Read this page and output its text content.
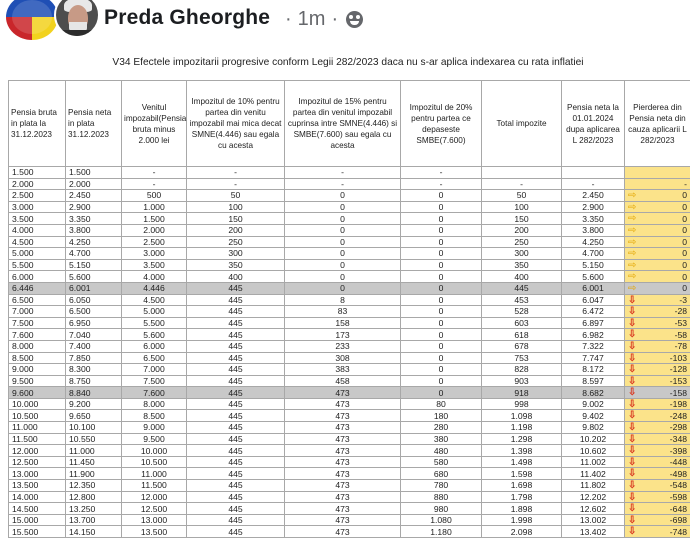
Preda Gheorghe · 1m ·
V34 Efectele impozitarii progresive conform Legii 282/2023 daca nu s-ar aplica indexarea cu rata inflatiei
Pensia bruta in plata la 31.12.2023	Pensia neta in plata 31.12.2023	Venitul impozabil(Pensia bruta minus 2.000 lei	Impozitul de 10% pentru partea din venitu impozabil mai mica decat SMNE(4.446) sau egala cu acesta	Impozitul de 15% pentru partea din venitul impozabil cuprinsa intre SMNE(4.446) si SMBE(7.600) sau egala cu acesta	Impozitul de 20% pentru partea ce depaseste SMBE(7.600)	Total impozite	Pensia neta la 01.01.2024 dupa aplicarea L 282/2023	Pierderea din Pensia neta din cauza aplicarii L 282/2023
1.500	1.500	-	-	-	-			
2.000	2.000	-	-	-	-	-	-	-
2.500	2.450	500	50	0	0	50	2.450	⇨ 0
3.000	2.900	1.000	100	0	0	100	2.900	⇨ 0
3.500	3.350	1.500	150	0	0	150	3.350	⇨ 0
4.000	3.800	2.000	200	0	0	200	3.800	⇨ 0
4.500	4.250	2.500	250	0	0	250	4.250	⇨ 0
5.000	4.700	3.000	300	0	0	300	4.700	⇨ 0
5.500	5.150	3.500	350	0	0	350	5.150	⇨ 0
6.000	5.600	4.000	400	0	0	400	5.600	⇨ 0
6.446	6.001	4.446	445	0	0	445	6.001	⇨ 0
6.500	6.050	4.500	445	8	0	453	6.047	⇩ -3
7.000	6.500	5.000	445	83	0	528	6.472	⇩ -28
7.500	6.950	5.500	445	158	0	603	6.897	⇩ -53
7.600	7.040	5.600	445	173	0	618	6.982	⇩ -58
8.000	7.400	6.000	445	233	0	678	7.322	⇩ -78
8.500	7.850	6.500	445	308	0	753	7.747	⇩ -103
9.000	8.300	7.000	445	383	0	828	8.172	⇩ -128
9.500	8.750	7.500	445	458	0	903	8.597	⇩ -153
9.600	8.840	7.600	445	473	0	918	8.682	⇩ -158
10.000	9.200	8.000	445	473	80	998	9.002	⇩ -198
10.500	9.650	8.500	445	473	180	1.098	9.402	⇩ -248
11.000	10.100	9.000	445	473	280	1.198	9.802	⇩ -298
11.500	10.550	9.500	445	473	380	1.298	10.202	⇩ -348
12.000	11.000	10.000	445	473	480	1.398	10.602	⇩ -398
12.500	11.450	10.500	445	473	580	1.498	11.002	⇩ -448
13.000	11.900	11.000	445	473	680	1.598	11.402	⇩ -498
13.500	12.350	11.500	445	473	780	1.698	11.802	⇩ -548
14.000	12.800	12.000	445	473	880	1.798	12.202	⇩ -598
14.500	13.250	12.500	445	473	980	1.898	12.602	⇩ -648
15.000	13.700	13.000	445	473	1.080	1.998	13.002	⇩ -698
15.500	14.150	13.500	445	473	1.180	2.098	13.402	⇩ -748
